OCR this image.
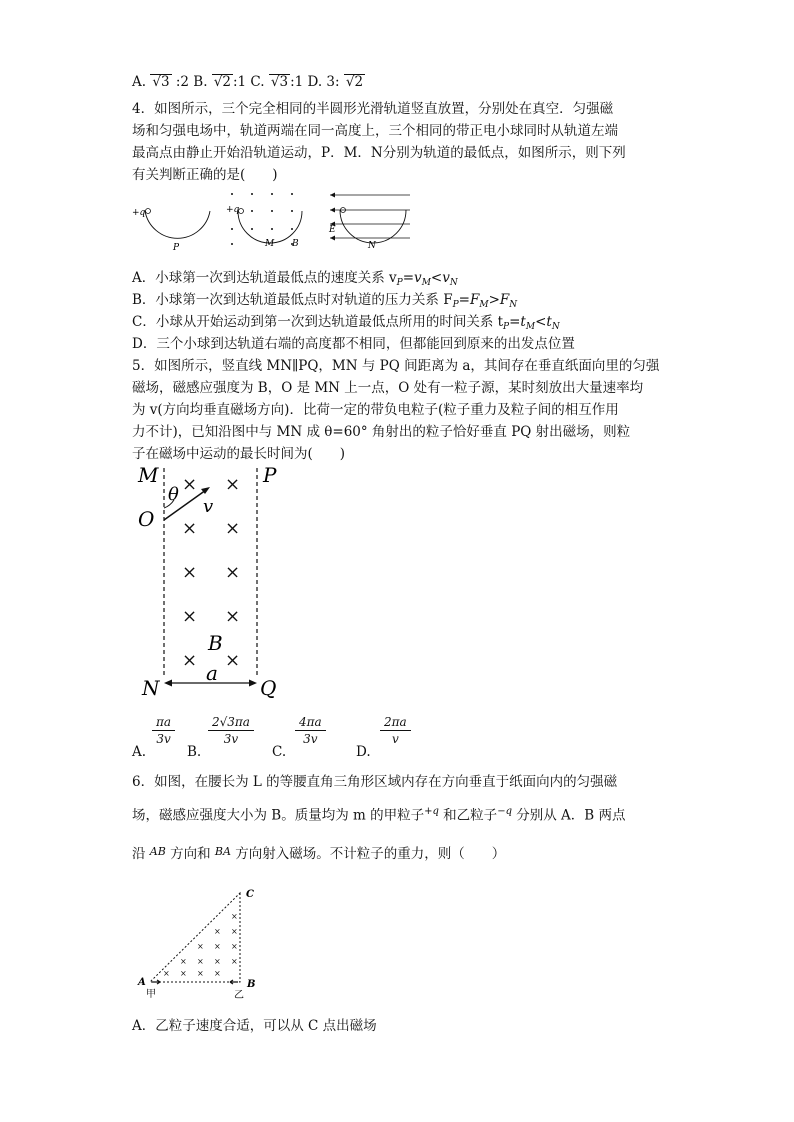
A. √3 :2 B. √2 :1 C. √3 :1 D. 3: √2
4．如图所示，三个完全相同的半圆形光滑轨道竖直放置，分别处在真空．匀强磁
场和匀强电场中，轨道两端在同一高度上，三个相同的带正电小球同时从轨道左端
最高点由静止开始沿轨道运动，P．M．N分别为轨道的最低点，如图所示，则下列
有关判断正确的是(　　)
+q
P
+q
M B
E
N
A．小球第一次到达轨道最低点的速度关系 $v_P=v_M<v_N$
B．小球第一次到达轨道最低点时对轨道的压力关系 $F_P=F_M>F_N$
C．小球从开始运动到第一次到达轨道最低点所用的时间关系 $t_P=t_M<t_N$
D．三个小球到达轨道右端的高度都不相同，但都能回到原来的出发点位置
5．如图所示，竖直线 MN∥PQ，MN 与 PQ 间距离为 a，其间存在垂直纸面向里的匀强
磁场，磁感应强度为 B，O 是 MN 上一点，O 处有一粒子源，某时刻放出大量速率均
为 v(方向均垂直磁场方向)．比荷一定的带负电粒子(粒子重力及粒子间的相互作用
力不计)，已知沿图中与 MN 成 θ=60° 角射出的粒子恰好垂直 PQ 射出磁场，则粒
子在磁场中运动的最长时间为(　　)
M	P
O
θ
v
× ×
× ×
× ×
× ×
× ×
B
a
N	Q
A.
$\frac{\pi a}{3v}$
B.
$\frac{2√3\pi a}{3v}$
C.
$\frac{4\pi a}{3v}$
D.
$\frac{2\pi a}{v}$
6．如图，在腰长为 L 的等腰直角三角形区域内存在方向垂直于纸面向内的匀强磁
场，磁感应强度大小为 B。质量均为 m 的甲粒子$^{+q}$ 和乙粒子$^{-q}$ 分别从 A．B 两点
沿 $^{AB}$ 方向和 $^{BA}$ 方向射入磁场。不计粒子的重力，则（　　）
C
A	B
甲	乙
×
×
×
×
×
×
×
×
×
×
×
×
×
×
A．乙粒子速度合适，可以从 C 点出磁场
